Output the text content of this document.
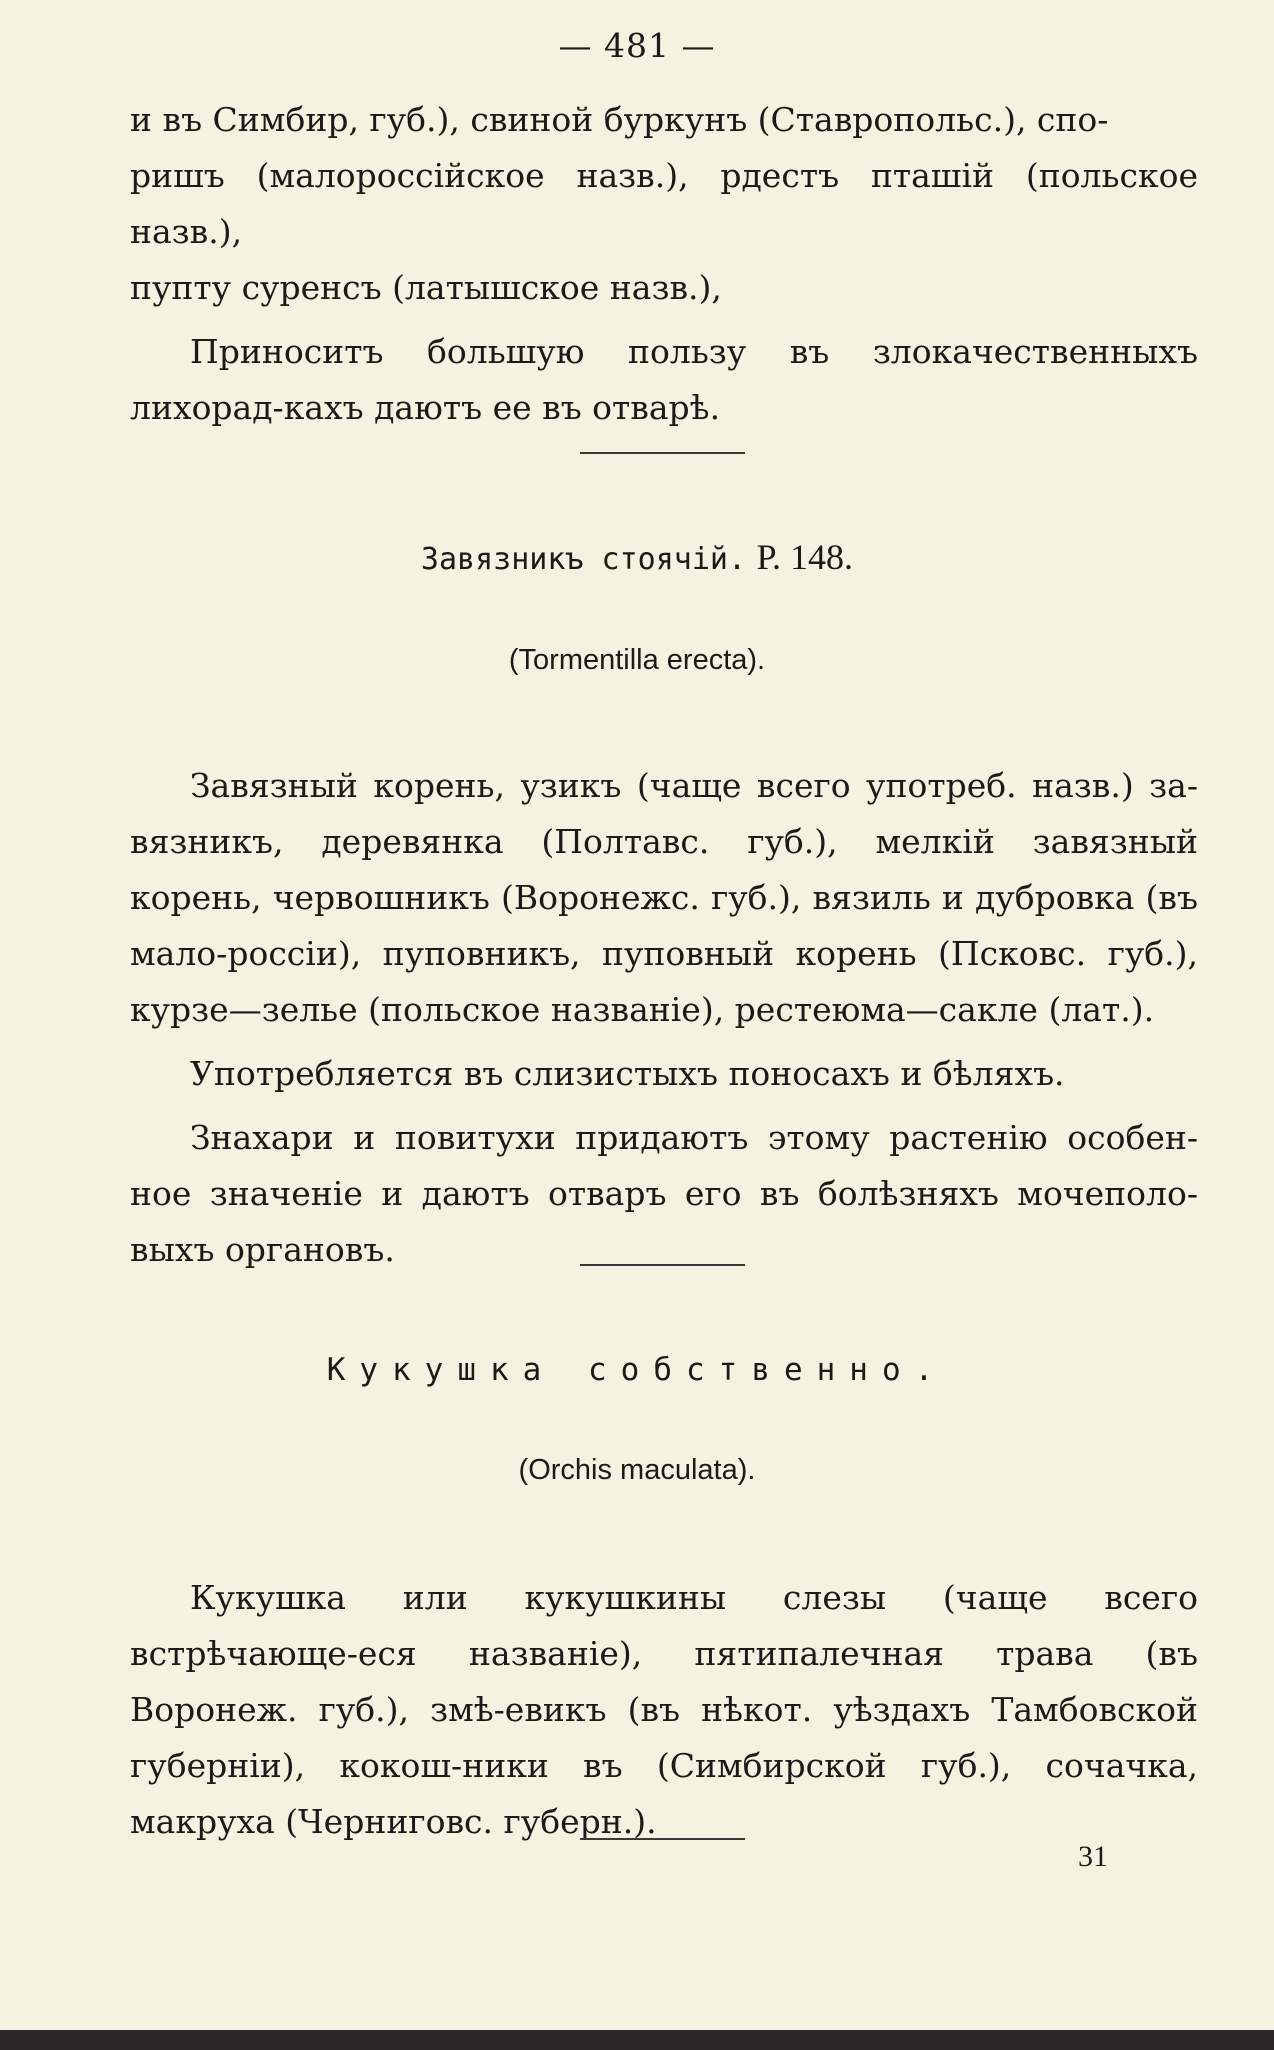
— 481 —

и въ Симбир, губ.), свиной буркунъ (Ставропольс.), спо-

ришъ (малороссійское назв.), рдестъ пташій (польское назв.),

пупту суренсъ (латышское назв.),

Приноситъ большую пользу въ злокачественныхъ лихорад-кахъ даютъ ее въ отварѣ.

Завязникъ стоячій. Р. 148.
(Tormentilla erecta).

Завязный корень, узикъ (чаще всего употреб. назв.) за-вязникъ, деревянка (Полтавс. губ.), мелкій завязный корень, червошникъ (Воронежс. губ.), вязиль и дубровка (въ мало-россіи), пуповникъ, пуповный корень (Псковс. губ.), курзе—зелье (польское названіе), рестеюма—сакле (лат.).

Употребляется въ слизистыхъ поносахъ и бѣляхъ.

Знахари и повитухи придаютъ этому растенію особен-ное значеніе и даютъ отваръ его въ болѣзняхъ мочеполо-выхъ органовъ.

Кукушка собственно.
(Orchis maculata).

Кукушка или кукушкины слезы (чаще всего встрѣчающе-еся названіе), пятипалечная трава (въ Воронеж. губ.), змѣ-евикъ (въ нѣкот. уѣздахъ Тамбовской губерніи), кокош-ники въ (Симбирской губ.), сочачка, макруха (Черниговс. губерн.).

31
